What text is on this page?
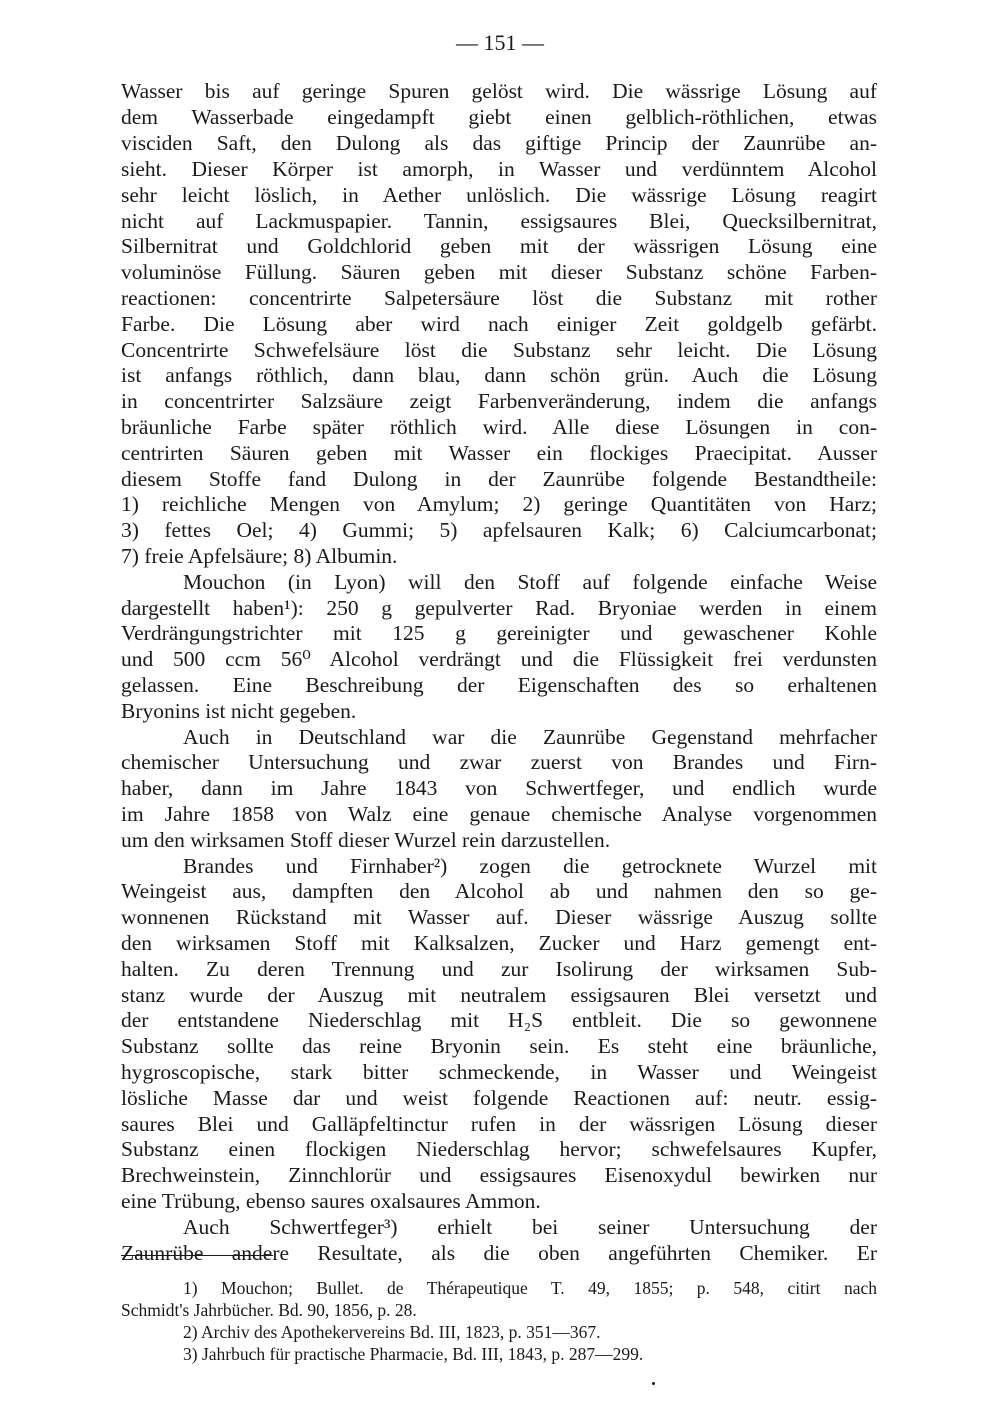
— 151 —
Wasser bis auf geringe Spuren gelöst wird. Die wässrige Lösung auf
dem Wasserbade eingedampft giebt einen gelblich-röthlichen, etwas
visciden Saft, den Dulong als das giftige Princip der Zaunrübe an-
sieht. Dieser Körper ist amorph, in Wasser und verdünntem Alcohol
sehr leicht löslich, in Aether unlöslich. Die wässrige Lösung reagirt
nicht auf Lackmuspapier. Tannin, essigsaures Blei, Quecksilbernitrat,
Silbernitrat und Goldchlorid geben mit der wässrigen Lösung eine
voluminöse Füllung. Säuren geben mit dieser Substanz schöne Farben-
reactionen: concentrirte Salpetersäure löst die Substanz mit rother
Farbe. Die Lösung aber wird nach einiger Zeit goldgelb gefärbt.
Concentrirte Schwefelsäure löst die Substanz sehr leicht. Die Lösung
ist anfangs röthlich, dann blau, dann schön grün. Auch die Lösung
in concentrirter Salzsäure zeigt Farbenveränderung, indem die anfangs
bräunliche Farbe später röthlich wird. Alle diese Lösungen in con-
centrirten Säuren geben mit Wasser ein flockiges Praecipitat. Ausser
diesem Stoffe fand Dulong in der Zaunrübe folgende Bestandtheile:
1) reichliche Mengen von Amylum; 2) geringe Quantitäten von Harz;
3) fettes Oel; 4) Gummi; 5) apfelsauren Kalk; 6) Calciumcarbonat;
7) freie Apfelsäure; 8) Albumin.
Mouchon (in Lyon) will den Stoff auf folgende einfache Weise
dargestellt haben¹): 250 g gepulverter Rad. Bryoniae werden in einem
Verdrängungstrichter mit 125 g gereinigter und gewaschener Kohle
und 500 ccm 56⁰ Alcohol verdrängt und die Flüssigkeit frei verdunsten
gelassen. Eine Beschreibung der Eigenschaften des so erhaltenen
Bryonins ist nicht gegeben.
Auch in Deutschland war die Zaunrübe Gegenstand mehrfacher
chemischer Untersuchung und zwar zuerst von Brandes und Firn-
haber, dann im Jahre 1843 von Schwertfeger, und endlich wurde
im Jahre 1858 von Walz eine genaue chemische Analyse vorgenommen
um den wirksamen Stoff dieser Wurzel rein darzustellen.
Brandes und Firnhaber²) zogen die getrocknete Wurzel mit
Weingeist aus, dampften den Alcohol ab und nahmen den so ge-
wonnenen Rückstand mit Wasser auf. Dieser wässrige Auszug sollte
den wirksamen Stoff mit Kalksalzen, Zucker und Harz gemengt ent-
halten. Zu deren Trennung und zur Isolirung der wirksamen Sub-
stanz wurde der Auszug mit neutralem essigsauren Blei versetzt und
der entstandene Niederschlag mit H₂S entbleit. Die so gewonnene
Substanz sollte das reine Bryonin sein. Es steht eine bräunliche,
hygroscopische, stark bitter schmeckende, in Wasser und Weingeist
lösliche Masse dar und weist folgende Reactionen auf: neutr. essig-
saures Blei und Galläpfeltinctur rufen in der wässrigen Lösung dieser
Substanz einen flockigen Niederschlag hervor; schwefelsaures Kupfer,
Brechweinstein, Zinnchlorür und essigsaures Eisenoxydul bewirken nur
eine Trübung, ebenso saures oxalsaures Ammon.
Auch Schwertfeger³) erhielt bei seiner Untersuchung der
Zaunrübe andere Resultate, als die oben angeführten Chemiker. Er
1) Mouchon; Bullet. de Thérapeutique T. 49, 1855; p. 548, citirt nach
Schmidt's Jahrbücher. Bd. 90, 1856, p. 28.
2) Archiv des Apothekervereins Bd. III, 1823, p. 351—367.
3) Jahrbuch für practische Pharmacie, Bd. III, 1843, p. 287—299.
